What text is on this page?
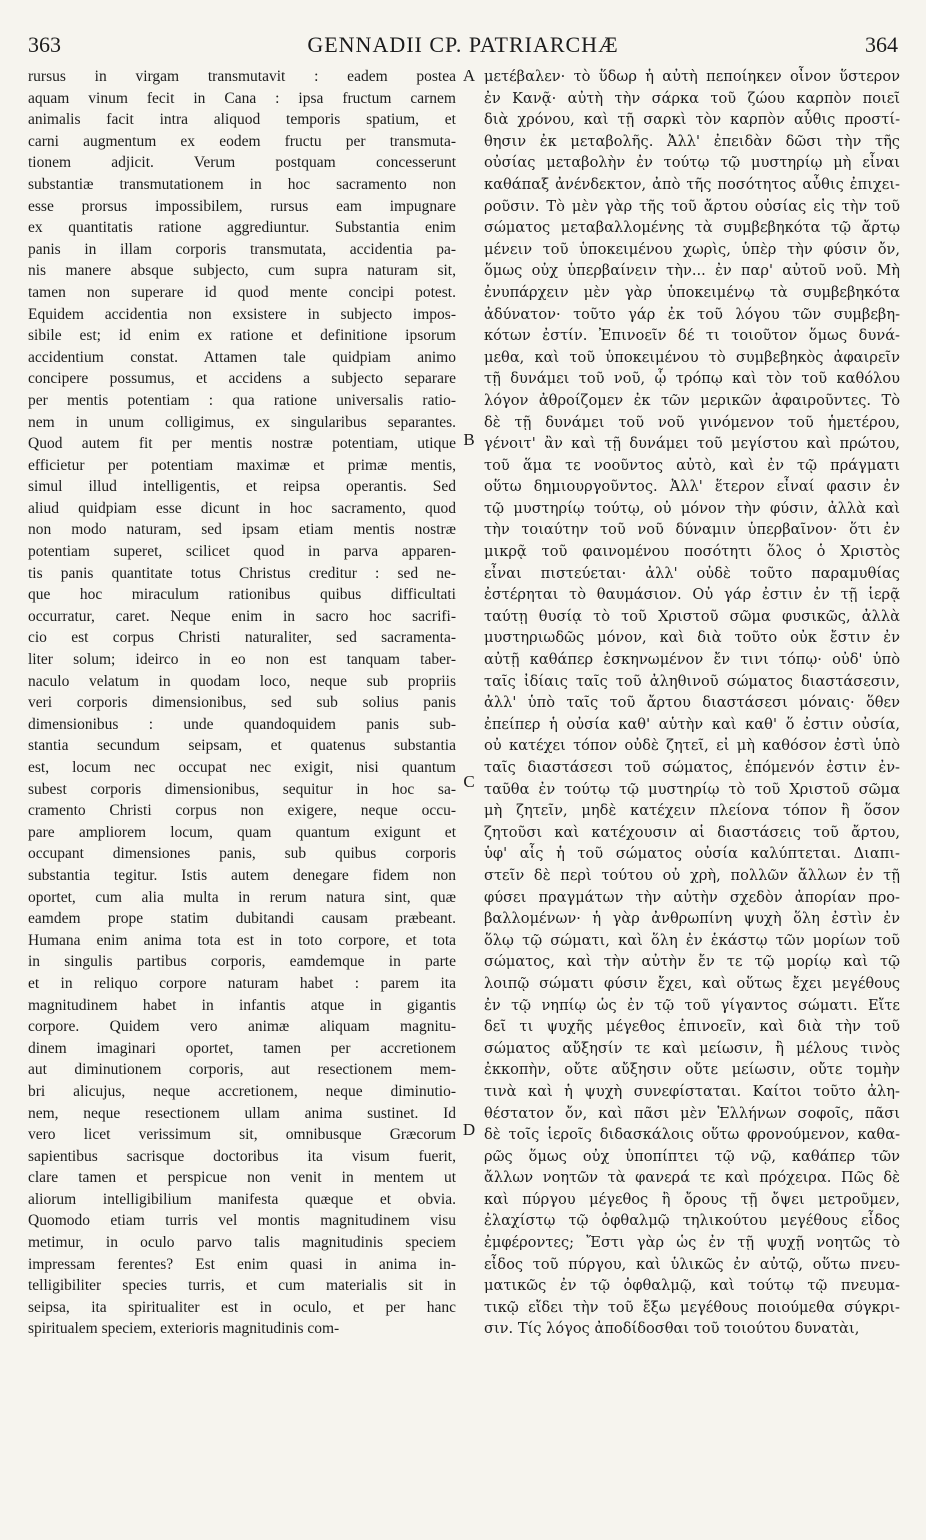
363	GENNADII CP. PATRIARCHÆ	364
rursus in virgam transmutavit : eadem postea
aquam vinum fecit in Cana : ipsa fructum carnem
animalis facit intra aliquod temporis spatium, et
carni augmentum ex eodem fructu per transmuta-
tionem adjicit. Verum postquam concesserunt
substantiæ transmutationem in hoc sacramento non
esse prorsus impossibilem, rursus eam impugnare
ex quantitatis ratione aggrediuntur. Substantia enim
panis in illam corporis transmutata, accidentia pa-
nis manere absque subjecto, cum supra naturam sit,
tamen non superare id quod mente concipi potest.
Equidem accidentia non exsistere in subjecto impos-
sibile est; id enim ex ratione et definitione ipsorum
accidentium constat. Attamen tale quidpiam animo
concipere possumus, et accidens a subjecto separare
per mentis potentiam : qua ratione universalis ratio-
nem in unum colligimus, ex singularibus separantes.
Quod autem fit per mentis nostræ potentiam, utique
efficietur per potentiam maximæ et primæ mentis,
simul illud intelligentis, et reipsa operantis. Sed
aliud quidpiam esse dicunt in hoc sacramento, quod
non modo naturam, sed ipsam etiam mentis nostræ
potentiam superet, scilicet quod in parva apparen-
tis panis quantitate totus Christus creditur : sed ne-
que hoc miraculum rationibus quibus difficultati
occurratur, caret. Neque enim in sacro hoc sacrifi-
cio est corpus Christi naturaliter, sed sacramenta-
liter solum; ideirco in eo non est tanquam taber-
naculo velatum in quodam loco, neque sub propriis
veri corporis dimensionibus, sed sub solius panis
dimensionibus : unde quandoquidem panis sub-
stantia secundum seipsam, et quatenus substantia
est, locum nec occupat nec exigit, nisi quantum
subest corporis dimensionibus, sequitur in hoc sa-
cramento Christi corpus non exigere, neque occu-
pare ampliorem locum, quam quantum exigunt et
occupant dimensiones panis, sub quibus corporis
substantia tegitur. Istis autem denegare fidem non
oportet, cum alia multa in rerum natura sint, quæ
eamdem prope statim dubitandi causam præbeant.
Humana enim anima tota est in toto corpore, et tota
in singulis partibus corporis, eamdemque in parte
et in reliquo corpore naturam habet : parem ita
magnitudinem habet in infantis atque in gigantis
corpore. Quidem vero animæ aliquam magnitu-
dinem imaginari oportet, tamen per accretionem
aut diminutionem corporis, aut resectionem mem-
bri alicujus, neque accretionem, neque diminutio-
nem, neque resectionem ullam anima sustinet. Id
vero licet verissimum sit, omnibusque Græcorum
sapientibus sacrisque doctoribus ita visum fuerit,
clare tamen et perspicue non venit in mentem ut
aliorum intelligibilium manifesta quæque et obvia.
Quomodo etiam turris vel montis magnitudinem visu
metimur, in oculo parvo talis magnitudinis speciem
impressam ferentes? Est enim quasi in anima in-
telligibiliter species turris, et cum materialis sit in
seipsa, ita spiritualiter est in oculo, et per hanc
spiritualem speciem, exterioris magnitudinis com-
μετέβαλεν· τὸ ὕδωρ ἡ αὐτὴ πεποίηκεν οἶνον ὕστερον
ἐν Κανᾷ· αὐτὴ τὴν σάρκα τοῦ ζώου καρπὸν ποιεῖ
διὰ χρόνου, καὶ τῇ σαρκὶ τὸν καρπὸν αὖθις προστί-
θησιν ἐκ μεταβολῆς. Ἀλλ' ἐπειδὰν δῶσι τὴν τῆς
οὐσίας μεταβολὴν ἐν τούτῳ τῷ μυστηρίῳ μὴ εἶναι
καθάπαξ ἀνένδεκτον, ἀπὸ τῆς ποσότητος αὖθις ἐπιχει-
ροῦσιν. Τὸ μὲν γὰρ τῆς τοῦ ἄρτου οὐσίας εἰς τὴν τοῦ
σώματος μεταβαλλομένης τὰ συμβεβηκότα τῷ ἄρτῳ
μένειν τοῦ ὑποκειμένου χωρὶς, ὑπὲρ τὴν φύσιν ὄν,
ὅμως οὐχ ὑπερβαίνειν τὴν... ἐν παρ' αὐτοῦ νοῦ. Μὴ
ἐνυπάρχειν μὲν γὰρ ὑποκειμένῳ τὰ συμβεβηκότα
ἀδύνατον· τοῦτο γάρ ἐκ τοῦ λόγου τῶν συμβεβη-
κότων ἐστίν. Ἐπινοεῖν δέ τι τοιοῦτον ὅμως δυνά-
μεθα, καὶ τοῦ ὑποκειμένου τὸ συμβεβηκὸς ἀφαιρεῖν
τῇ δυνάμει τοῦ νοῦ, ᾧ τρόπῳ καὶ τὸν τοῦ καθόλου
λόγον ἀθροίζομεν ἐκ τῶν μερικῶν ἀφαιροῦντες. Τὸ
δὲ τῇ δυνάμει τοῦ νοῦ γινόμενον τοῦ ἡμετέρου,
γένοιτ' ἂν καὶ τῇ δυνάμει τοῦ μεγίστου καὶ πρώτου,
τοῦ ἅμα τε νοοῦντος αὐτὸ, καὶ ἐν τῷ πράγματι
οὕτω δημιουργοῦντος. Ἀλλ' ἕτερον εἶναί φασιν ἐν
τῷ μυστηρίῳ τούτῳ, οὐ μόνον τὴν φύσιν, ἀλλὰ καὶ
τὴν τοιαύτην τοῦ νοῦ δύναμιν ὑπερβαῖνον· ὅτι ἐν
μικρᾷ τοῦ φαινομένου ποσότητι ὅλος ὁ Χριστὸς
εἶναι πιστεύεται· ἀλλ' οὐδὲ τοῦτο παραμυθίας
ἐστέρηται τὸ θαυμάσιον. Οὐ γάρ ἐστιν ἐν τῇ ἱερᾷ
ταύτῃ θυσίᾳ τὸ τοῦ Χριστοῦ σῶμα φυσικῶς, ἀλλὰ
μυστηριωδῶς μόνον, καὶ διὰ τοῦτο οὐκ ἔστιν ἐν
αὐτῇ καθάπερ ἐσκηνωμένον ἔν τινι τόπῳ· οὐδ' ὑπὸ
ταῖς ἰδίαις ταῖς τοῦ ἀληθινοῦ σώματος διαστάσεσιν,
ἀλλ' ὑπὸ ταῖς τοῦ ἄρτου διαστάσεσι μόναις· ὅθεν
ἐπείπερ ἡ οὐσία καθ' αὑτὴν καὶ καθ' ὅ ἐστιν οὐσία,
οὐ κατέχει τόπον οὐδὲ ζητεῖ, εἰ μὴ καθόσον ἐστὶ ὑπὸ
ταῖς διαστάσεσι τοῦ σώματος, ἑπόμενόν ἐστιν ἐν-
ταῦθα ἐν τούτῳ τῷ μυστηρίῳ τὸ τοῦ Χριστοῦ σῶμα
μὴ ζητεῖν, μηδὲ κατέχειν πλείονα τόπον ἢ ὅσον
ζητοῦσι καὶ κατέχουσιν αἱ διαστάσεις τοῦ ἄρτου,
ὑφ' αἷς ἡ τοῦ σώματος οὐσία καλύπτεται. Διαπι-
στεῖν δὲ περὶ τούτου οὐ χρὴ, πολλῶν ἄλλων ἐν τῇ
φύσει πραγμάτων τὴν αὐτὴν σχεδὸν ἀπορίαν προ-
βαλλομένων· ἡ γὰρ ἀνθρωπίνη ψυχὴ ὅλη ἐστὶν ἐν
ὅλῳ τῷ σώματι, καὶ ὅλη ἐν ἑκάστῳ τῶν μορίων τοῦ
σώματος, καὶ τὴν αὐτὴν ἔν τε τῷ μορίῳ καὶ τῷ
λοιπῷ σώματι φύσιν ἔχει, καὶ οὕτως ἔχει μεγέθους
ἐν τῷ νηπίῳ ὡς ἐν τῷ τοῦ γίγαντος σώματι. Εἴτε
δεῖ τι ψυχῆς μέγεθος ἐπινοεῖν, καὶ διὰ τὴν τοῦ
σώματος αὔξησίν τε καὶ μείωσιν, ἢ μέλους τινὸς
ἐκκοπὴν, οὔτε αὔξησιν οὔτε μείωσιν, οὔτε τομὴν
τινὰ καὶ ἡ ψυχὴ συνεφίσταται. Καίτοι τοῦτο ἀλη-
θέστατον ὄν, καὶ πᾶσι μὲν Ἑλλήνων σοφοῖς, πᾶσι
δὲ τοῖς ἱεροῖς διδασκάλοις οὕτω φρονούμενον, καθα-
ρῶς ὅμως οὐχ ὑποπίπτει τῷ νῷ, καθάπερ τῶν
ἄλλων νοητῶν τὰ φανερά τε καὶ πρόχειρα. Πῶς δὲ
καὶ πύργου μέγεθος ἢ ὄρους τῇ ὄψει μετροῦμεν,
ἐλαχίστῳ τῷ ὀφθαλμῷ τηλικούτου μεγέθους εἶδος
ἐμφέροντες; Ἔστι γὰρ ὡς ἐν τῇ ψυχῇ νοητῶς τὸ
εἶδος τοῦ πύργου, καὶ ὑλικῶς ἐν αὐτῷ, οὕτω πνευ-
ματικῶς ἐν τῷ ὀφθαλμῷ, καὶ τούτῳ τῷ πνευμα-
τικῷ εἴδει τὴν τοῦ ἔξω μεγέθους ποιούμεθα σύγκρι-
σιν. Τίς λόγος ἀποδίδοσθαι τοῦ τοιούτου δυνατὰι,
A
B
C
D
